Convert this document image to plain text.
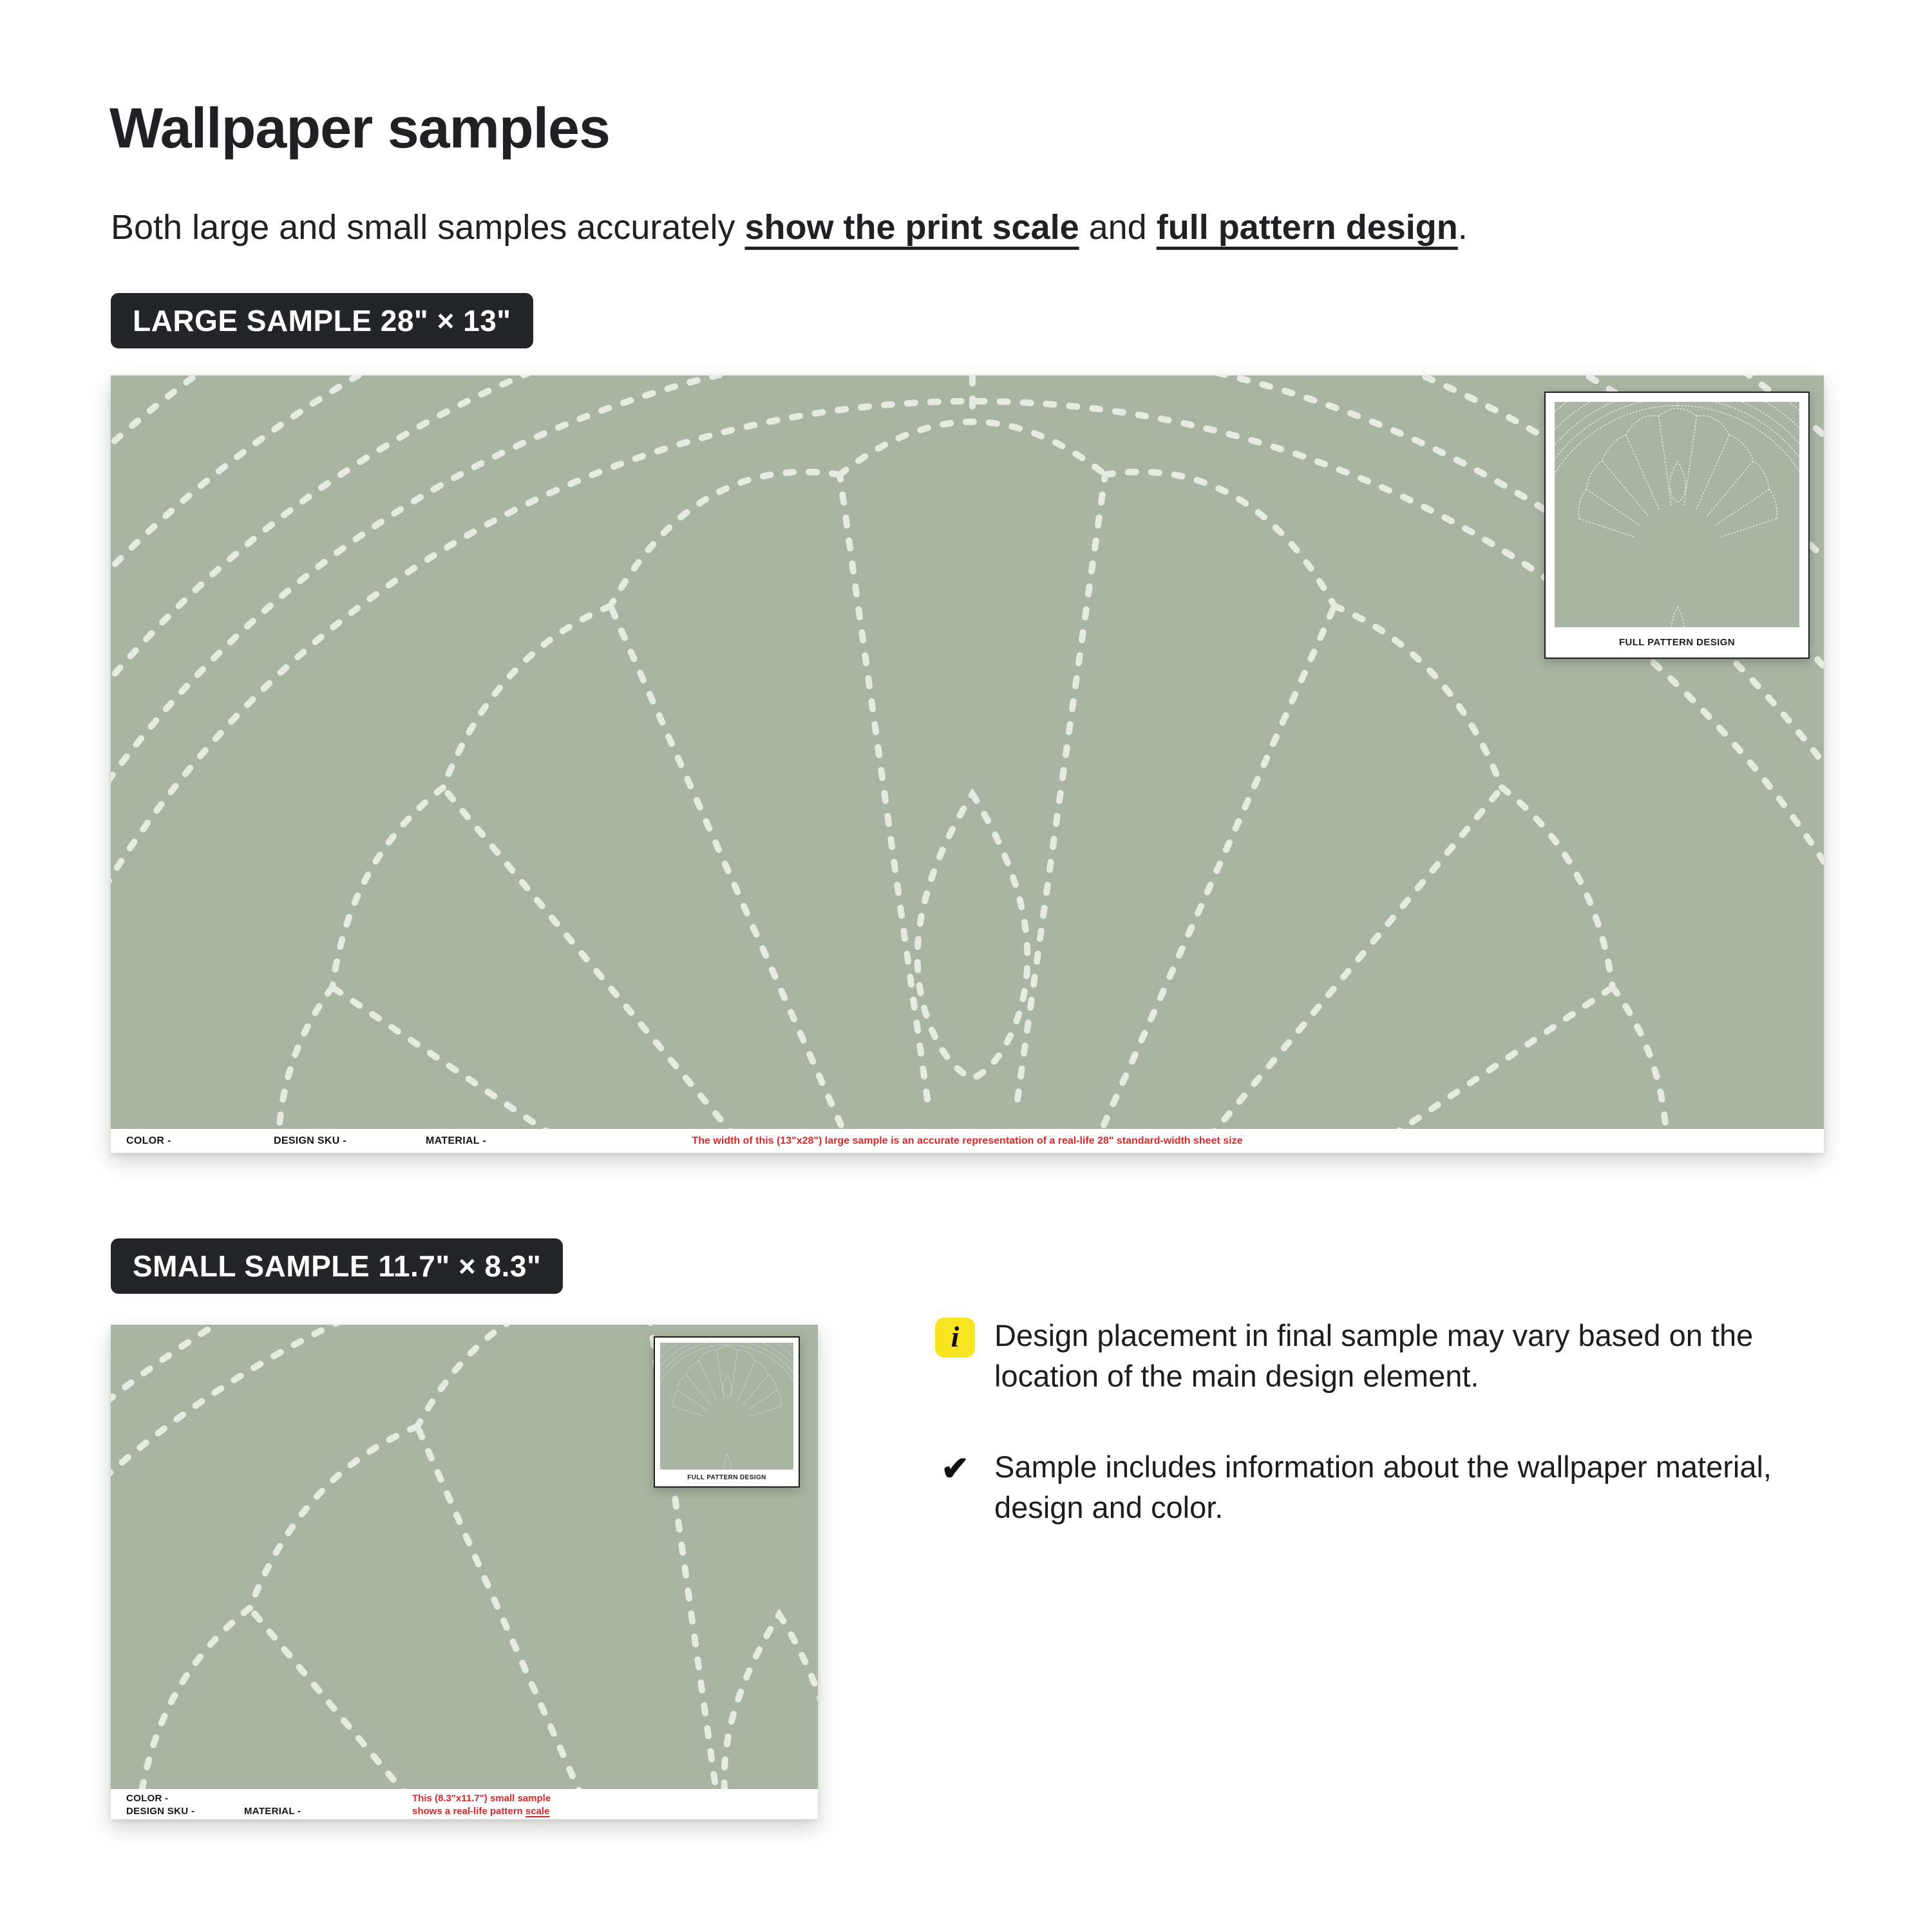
Wallpaper samples
Both large and small samples accurately show the print scale and full pattern design.
LARGE SAMPLE 28" × 13"
FULL PATTERN DESIGN
COLOR -	DESIGN SKU -	MATERIAL -	The width of this (13"x28") large sample is an accurate representation of a real-life 28" standard-width sheet size
SMALL SAMPLE 11.7" × 8.3"
FULL PATTERN DESIGN
COLOR -
DESIGN SKU -	MATERIAL -
This (8.3"x11.7") small sample
shows a real-life pattern scale
i	Design placement in final sample may vary based on the location of the main design element.
✔ Sample includes information about the wallpaper material, design and color.
